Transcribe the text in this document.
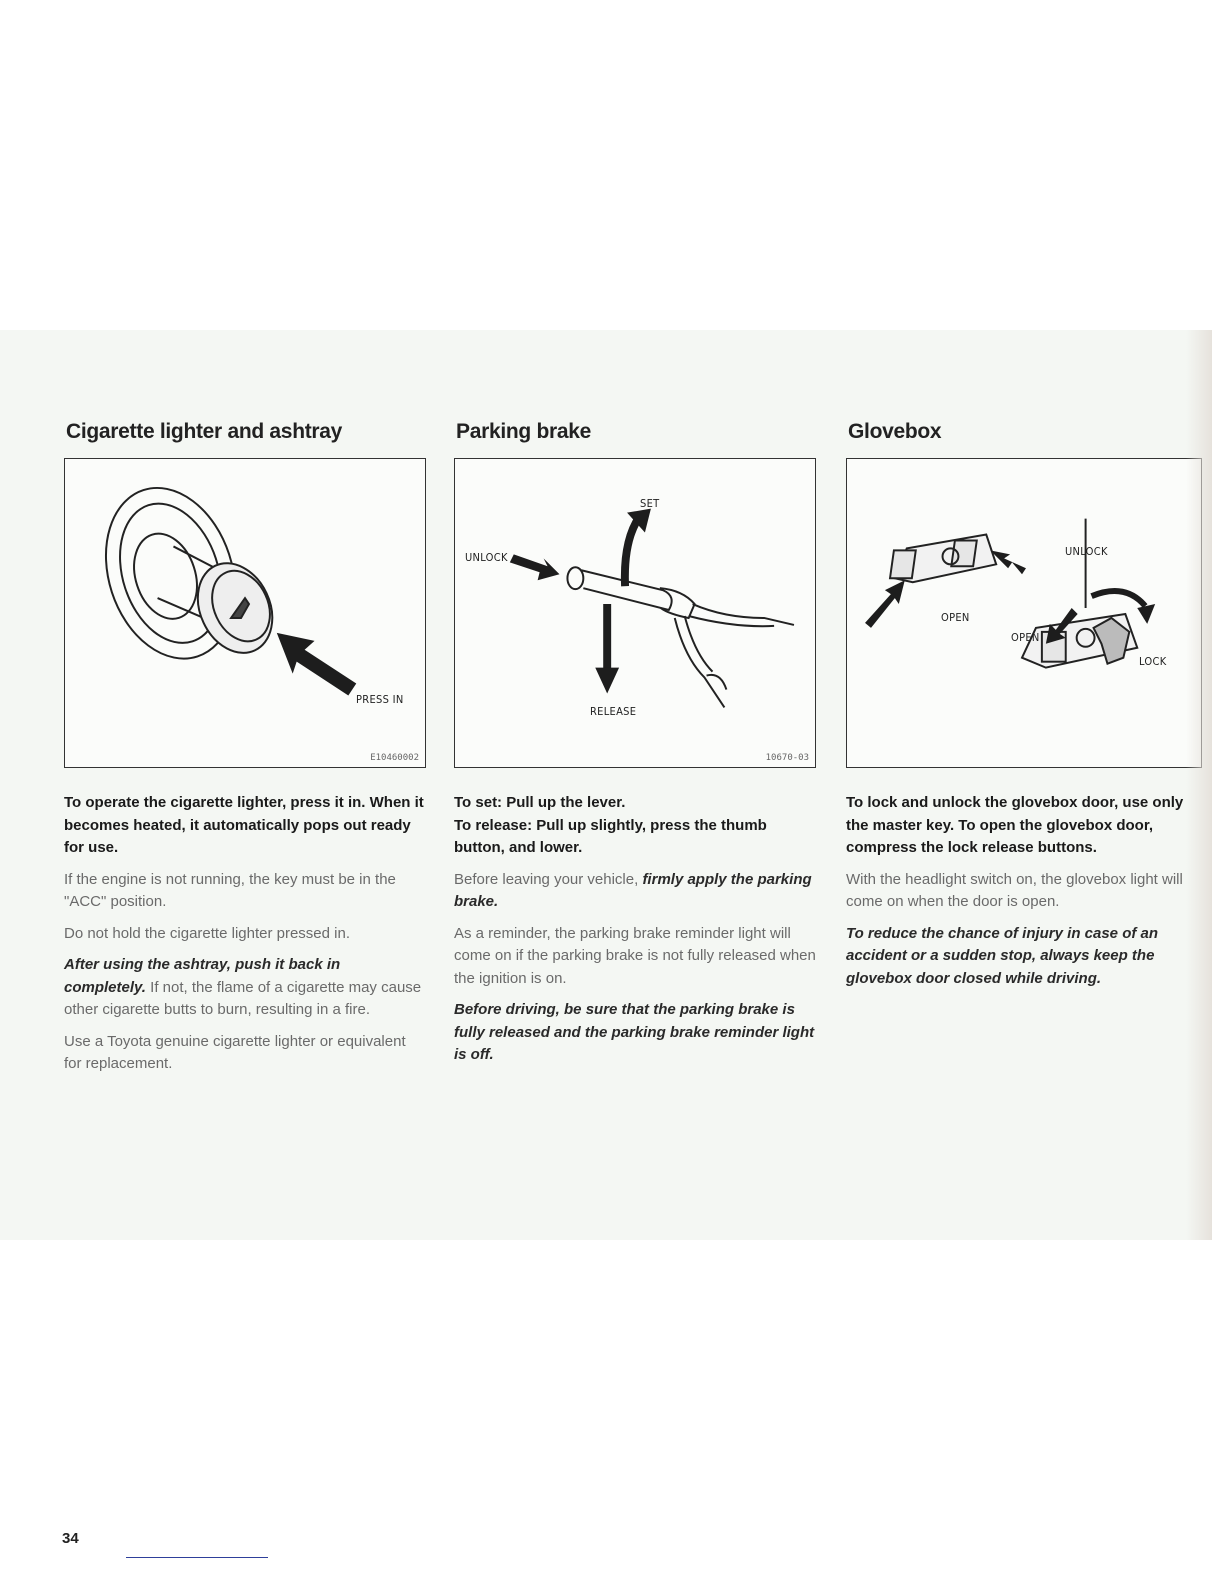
Cigarette lighter and ashtray
PRESS IN
E10460002

To operate the cigarette lighter, press it in. When it becomes heated, it automatically pops out ready for use.

If the engine is not running, the key must be in the "ACC" position.

Do not hold the cigarette lighter pressed in.

After using the ashtray, push it back in completely. If not, the flame of a cigarette may cause other cigarette butts to burn, resulting in a fire.

Use a Toyota genuine cigarette lighter or equivalent for replacement.

Parking brake
SET
UNLOCK
RELEASE
10670-03

To set: Pull up the lever.

To release: Pull up slightly, press the thumb button, and lower.

Before leaving your vehicle, firmly apply the parking brake.

As a reminder, the parking brake reminder light will come on if the parking brake is not fully released when the ignition is on.

Before driving, be sure that the parking brake is fully released and the parking brake reminder light is off.

Glovebox
UNLOCK
OPEN
OPEN
LOCK

To lock and unlock the glovebox door, use only the master key. To open the glovebox door, compress the lock release buttons.

With the headlight switch on, the glovebox light will come on when the door is open.

To reduce the chance of injury in case of an accident or a sudden stop, always keep the glovebox door closed while driving.

34
